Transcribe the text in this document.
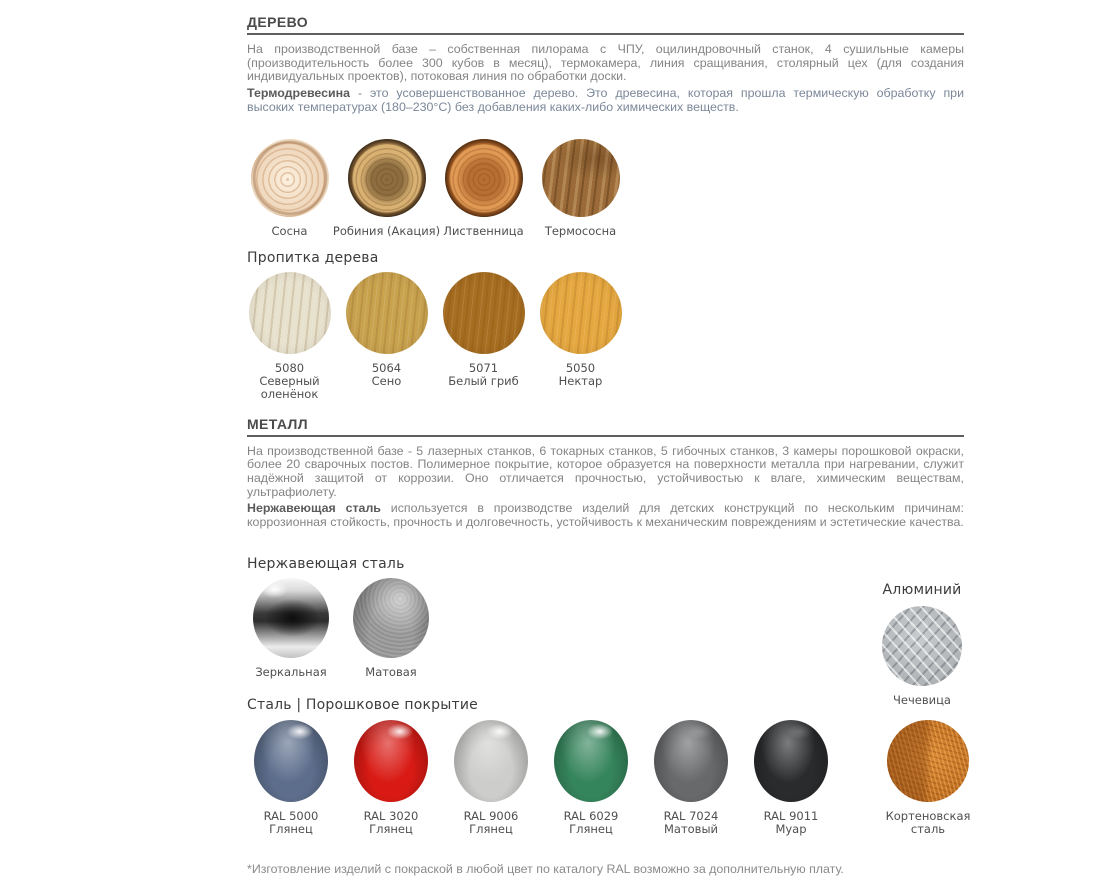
ДЕРЕВО

На производственной базе – собственная пилорама с ЧПУ, оцилиндровочный станок, 4 сушильные камеры (производительность более 300 кубов в месяц), термокамера, линия сращивания, столярный цех (для создания индивидуальных проектов), потоковая линия по обработки доски.

Термодревесина - это усовершенствованное дерево. Это древесина, которая прошла термическую обработку при высоких температурах (180–230°C) без добавления каких-либо химических веществ.

Сосна Робиния (Акация) Лиственница Термососна
Пропитка дерева
5080
Северный оленёнок
5064
Сено
5071
Белый гриб
5050
Нектар
МЕТАЛЛ

На производственной базе - 5 лазерных станков, 6 токарных станков, 5 гибочных станков, 3 камеры порошковой окраски, более 20 сварочных постов. Полимерное покрытие, которое образуется на поверхности металла при нагревании, служит надёжной защитой от коррозии. Оно отличается прочностью, устойчивостью к влаге, химическим веществам, ультрафиолету.

Нержавеющая сталь используется в производстве изделий для детских конструкций по нескольким причинам: коррозионная стойкость, прочность и долговечность, устойчивость к механическим повреждениям и эстетические качества.

Нержавеющая сталь
Зеркальная	Матовая
Алюминий
Чечевица
Сталь | Порошковое покрытие
RAL 5000
Глянец
RAL 3020
Глянец
RAL 9006
Глянец
RAL 6029
Глянец
RAL 7024
Матовый
RAL 9011
Муар
Кортеновская сталь

*Изготовление изделий с покраской в любой цвет по каталогу RAL возможно за дополнительную плату.
